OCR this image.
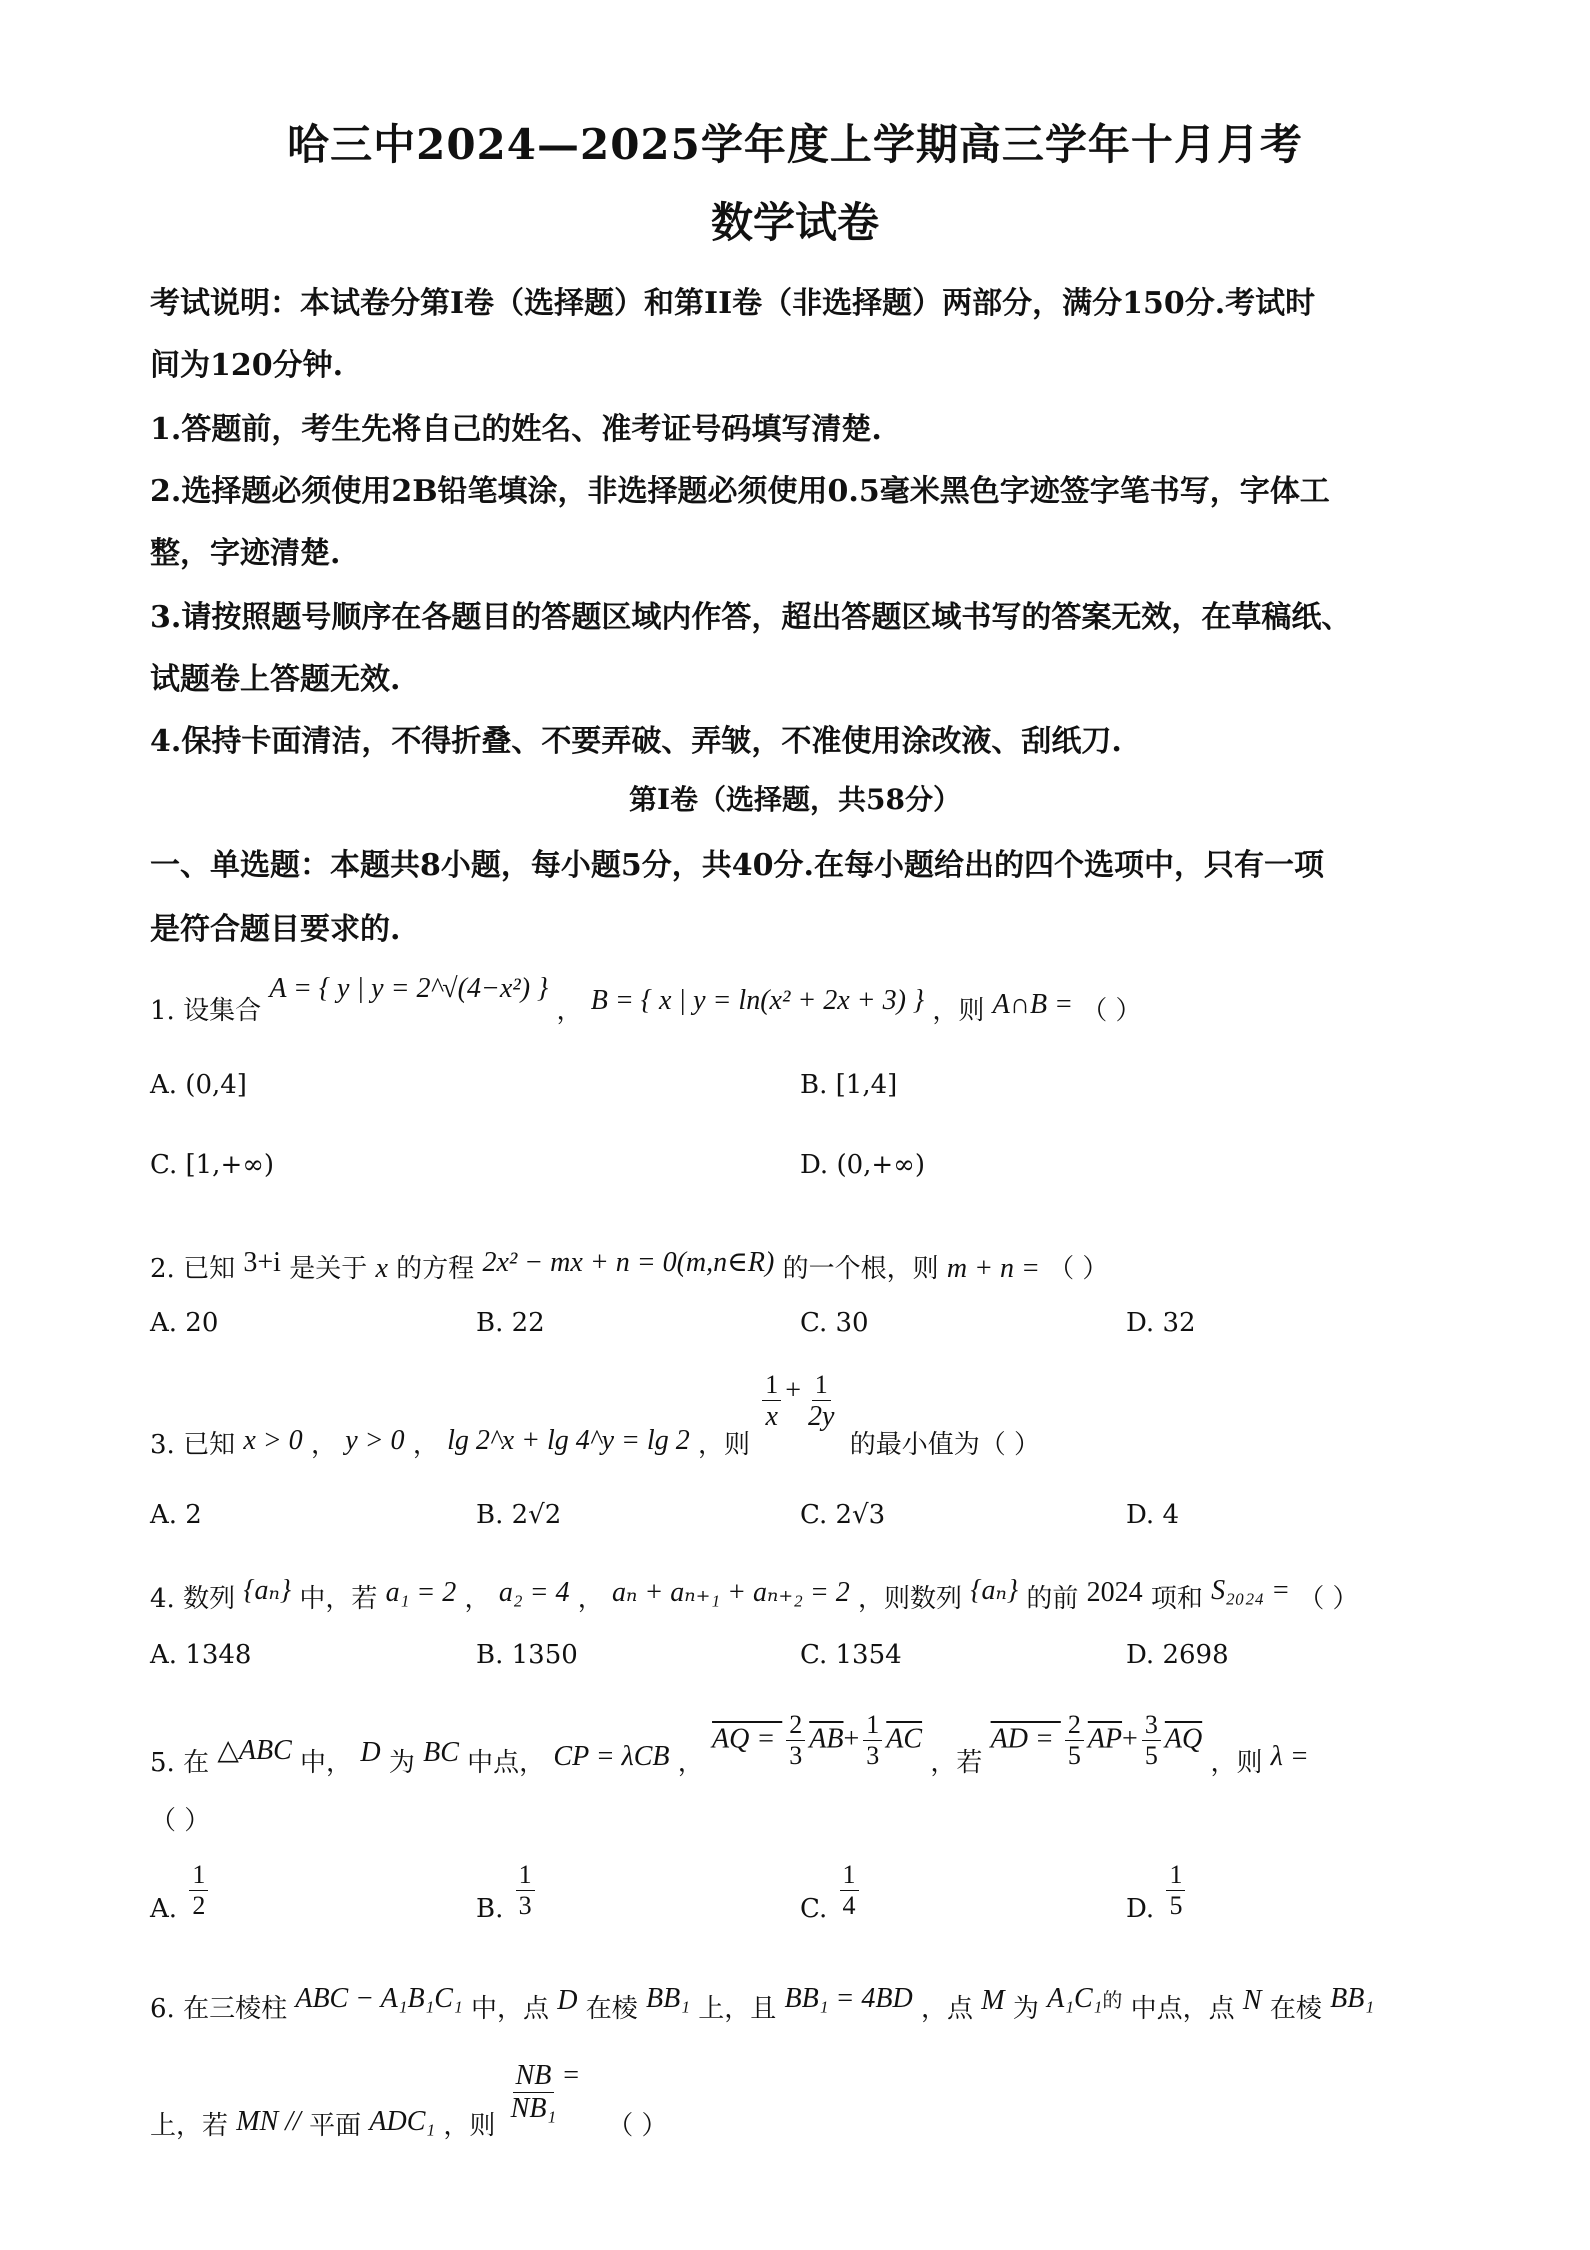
哈三中2024—2025学年度上学期高三学年十月月考
数学试卷
考试说明：本试卷分第I卷（选择题）和第II卷（非选择题）两部分，满分150分.考试时
间为120分钟.
1.答题前，考生先将自己的姓名、准考证号码填写清楚.
2.选择题必须使用2B铅笔填涂，非选择题必须使用0.5毫米黑色字迹签字笔书写，字体工
整，字迹清楚.
3.请按照题号顺序在各题目的答题区域内作答，超出答题区域书写的答案无效，在草稿纸、
试题卷上答题无效.
4.保持卡面清洁，不得折叠、不要弄破、弄皱，不准使用涂改液、刮纸刀.
第I卷（选择题，共58分）
一、单选题：本题共8小题，每小题5分，共40分.在每小题给出的四个选项中，只有一项
是符合题目要求的.
1. 设集合 A = { y | y = 2^√(4−x²) } ， B = { x | y = ln(x² + 2x + 3) } ，则 A∩B = （ ）
A. (0,4]	B. [1,4]
C. [1,+∞)	D. (0,+∞)
2. 已知 3+i 是关于 x 的方程 2x² − mx + n = 0(m,n∈R) 的一个根，则 m + n = （ ）
A. 20	B. 22	C. 30	D. 32
3. 已知 x > 0 ， y > 0 ， lg 2^x + lg 4^y = lg 2 ，则
$\frac{1}{x} + \frac{1}{2y}$
的最小值为（ ）
A. 2	B. 2√2	C. 2√3	D. 4
4. 数列 {aₙ} 中，若 a₁ = 2 ， a₂ = 4 ， aₙ + aₙ₊₁ + aₙ₊₂ = 2 ，则数列 {aₙ} 的前 2024 项和 S₂₀₂₄ = （ ）
A. 1348	B. 1350	C. 1354	D. 2698
5. 在 △ABC 中， D 为 BC 中点， CP = λCB ， AQ = $\frac{2}{3} \overline{AB}+ \frac{1}{3} \overline{AC}$ ，若 AD = $\frac{2}{5} \overline{AP}+ \frac{3}{5} \overline{AQ}$ ，则 λ =
（ ）
A. $\frac{1}{2}$	B. $\frac{1}{3}$	C. $\frac{1}{4}$	D. $\frac{1}{5}$
6. 在三棱柱 ABC − A₁B₁C₁ 中，点 D 在棱 BB₁ 上，且 BB₁ = 4BD ，点 M 为 A₁C₁$^的$ 中点，点 N 在棱 BB₁
上，若 MN // 平面 ADC₁ ，则
$\frac{NB}{\text{NB₁}}$ = （ ）
